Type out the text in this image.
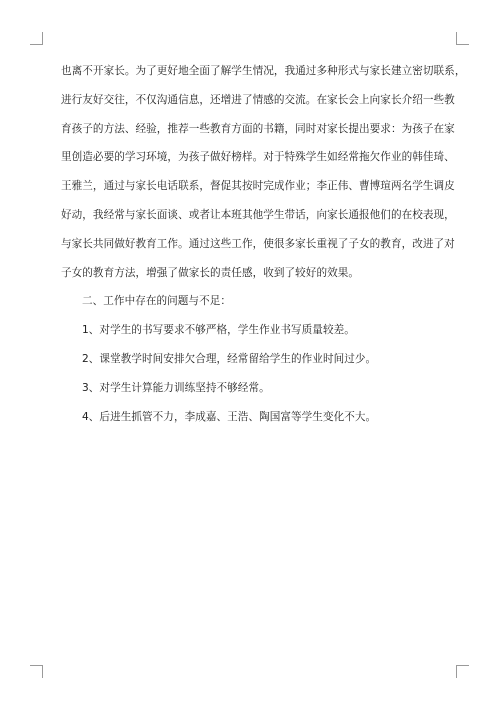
也离不开家长。为了更好地全面了解学生情况，我通过多种形式与家长建立密切联系，
进行友好交往，不仅沟通信息，还增进了情感的交流。在家长会上向家长介绍一些教
育孩子的方法、经验，推荐一些教育方面的书籍，同时对家长提出要求：为孩子在家
里创造必要的学习环境，为孩子做好榜样。对于特殊学生如经常拖欠作业的韩佳琦、
王雅兰，通过与家长电话联系，督促其按时完成作业；李正伟、曹博瑄两名学生调皮
好动，我经常与家长面谈、或者让本班其他学生带话，向家长通报他们的在校表现，
与家长共同做好教育工作。通过这些工作，使很多家长重视了子女的教育，改进了对
子女的教育方法，增强了做家长的责任感，收到了较好的效果。
二、工作中存在的问题与不足：
1、对学生的书写要求不够严格，学生作业书写质量较差。
2、课堂教学时间安排欠合理，经常留给学生的作业时间过少。
3、对学生计算能力训练坚持不够经常。
4、后进生抓管不力，李成嘉、王浩、陶国富等学生变化不大。
